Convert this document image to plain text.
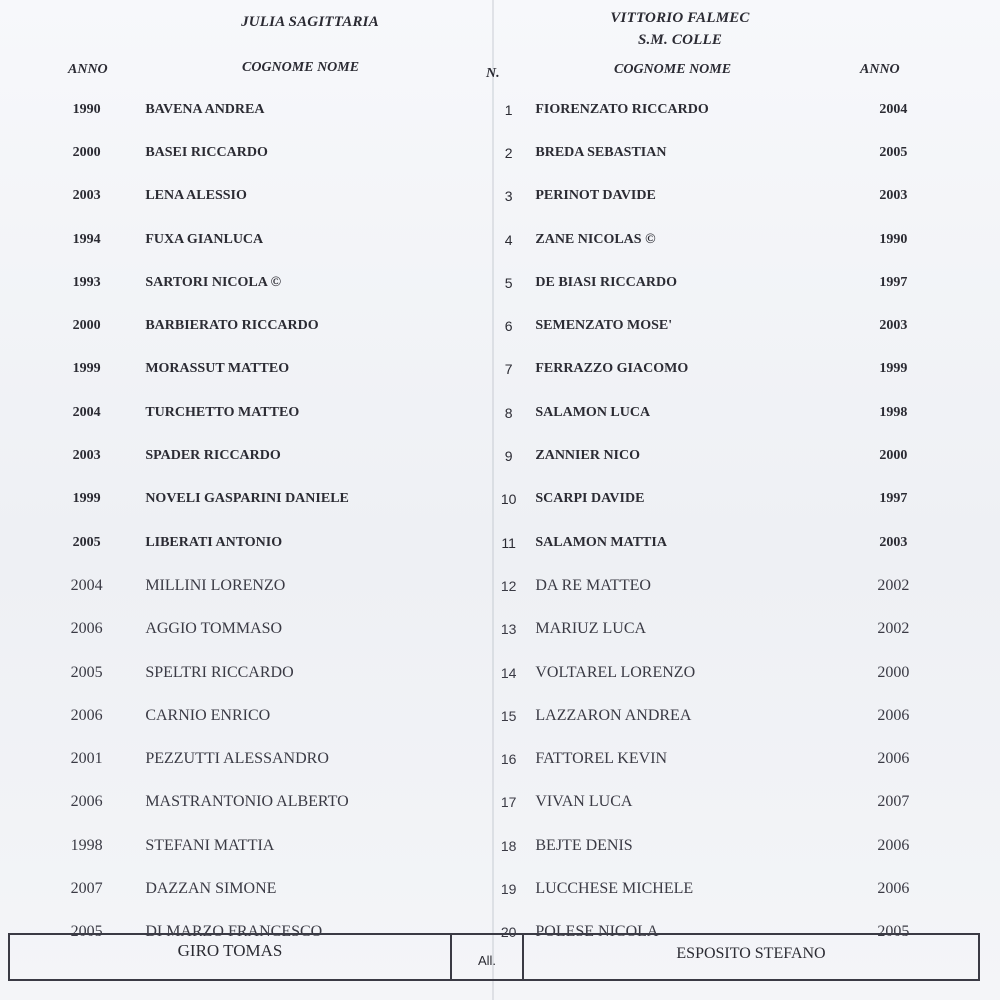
JULIA SAGITTARIA	VITTORIO FALMEC
S.M. COLLE
ANNO	COGNOME NOME	N.	COGNOME NOME	ANNO
1990	BAVENA ANDREA	1	FIORENZATO RICCARDO	2004
2000	BASEI RICCARDO	2	BREDA SEBASTIAN	2005
2003	LENA ALESSIO	3	PERINOT DAVIDE	2003
1994	FUXA GIANLUCA	4	ZANE NICOLAS ©	1990
1993	SARTORI NICOLA ©	5	DE BIASI RICCARDO	1997
2000	BARBIERATO RICCARDO	6	SEMENZATO MOSE'	2003
1999	MORASSUT MATTEO	7	FERRAZZO GIACOMO	1999
2004	TURCHETTO MATTEO	8	SALAMON LUCA	1998
2003	SPADER RICCARDO	9	ZANNIER NICO	2000
1999	NOVELI GASPARINI DANIELE	10	SCARPI DAVIDE	1997
2005	LIBERATI ANTONIO	11	SALAMON MATTIA	2003
2004	MILLINI LORENZO	12	DA RE MATTEO	2002
2006	AGGIO TOMMASO	13	MARIUZ LUCA	2002
2005	SPELTRI RICCARDO	14	VOLTAREL LORENZO	2000
2006	CARNIO ENRICO	15	LAZZARON ANDREA	2006
2001	PEZZUTTI ALESSANDRO	16	FATTOREL KEVIN	2006
2006	MASTRANTONIO ALBERTO	17	VIVAN LUCA	2007
1998	STEFANI MATTIA	18	BEJTE DENIS	2006
2007	DAZZAN SIMONE	19	LUCCHESE MICHELE	2006
2005	DI MARZO FRANCESCO	20	POLESE NICOLA	2005
GIRO TOMAS
All.	ESPOSITO STEFANO
